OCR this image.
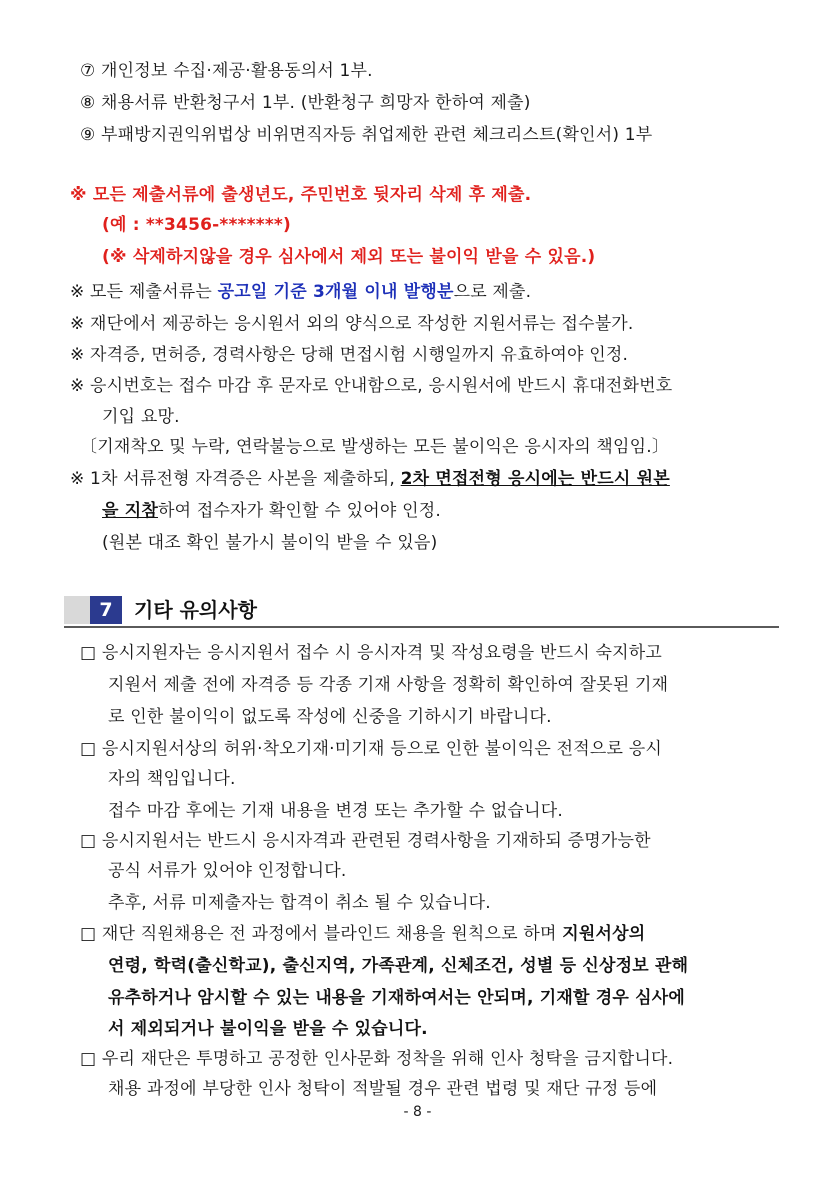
⑦ 개인정보 수집·제공·활용동의서 1부.
⑧ 채용서류 반환청구서 1부. (반환청구 희망자 한하여 제출)
⑨ 부패방지권익위법상 비위면직자등 취업제한 관련 체크리스트(확인서) 1부
※ 모든 제출서류에 출생년도, 주민번호 뒷자리 삭제 후 제출.
(예 : **3456-*******)
(※ 삭제하지않을 경우 심사에서 제외 또는 불이익 받을 수 있음.)
※ 모든 제출서류는 공고일 기준 3개월 이내 발행분으로 제출.
※ 재단에서 제공하는 응시원서 외의 양식으로 작성한 지원서류는 접수불가.
※ 자격증, 면허증, 경력사항은 당해 면접시험 시행일까지 유효하여야 인정.
※ 응시번호는 접수 마감 후 문자로 안내함으로, 응시원서에 반드시 휴대전화번호
기입 요망.
〔기재착오 및 누락, 연락불능으로 발생하는 모든 불이익은 응시자의 책임임.〕
※ 1차 서류전형 자격증은 사본을 제출하되, 2차 면접전형 응시에는 반드시 원본
을 지참하여 접수자가 확인할 수 있어야 인정.
(원본 대조 확인 불가시 불이익 받을 수 있음)
7	기타 유의사항
□ 응시지원자는 응시지원서 접수 시 응시자격 및 작성요령을 반드시 숙지하고
지원서 제출 전에 자격증 등 각종 기재 사항을 정확히 확인하여 잘못된 기재
로 인한 불이익이 없도록 작성에 신중을 기하시기 바랍니다.
□ 응시지원서상의 허위·착오기재·미기재 등으로 인한 불이익은 전적으로 응시
자의 책임입니다.
접수 마감 후에는 기재 내용을 변경 또는 추가할 수 없습니다.
□ 응시지원서는 반드시 응시자격과 관련된 경력사항을 기재하되 증명가능한
공식 서류가 있어야 인정합니다.
추후, 서류 미제출자는 합격이 취소 될 수 있습니다.
□ 재단 직원채용은 전 과정에서 블라인드 채용을 원칙으로 하며 지원서상의
연령, 학력(출신학교), 출신지역, 가족관계, 신체조건, 성별 등 신상정보 관해
유추하거나 암시할 수 있는 내용을 기재하여서는 안되며, 기재할 경우 심사에
서 제외되거나 불이익을 받을 수 있습니다.
□ 우리 재단은 투명하고 공정한 인사문화 정착을 위해 인사 청탁을 금지합니다.
채용 과정에 부당한 인사 청탁이 적발될 경우 관련 법령 및 재단 규정 등에
- 8 -
